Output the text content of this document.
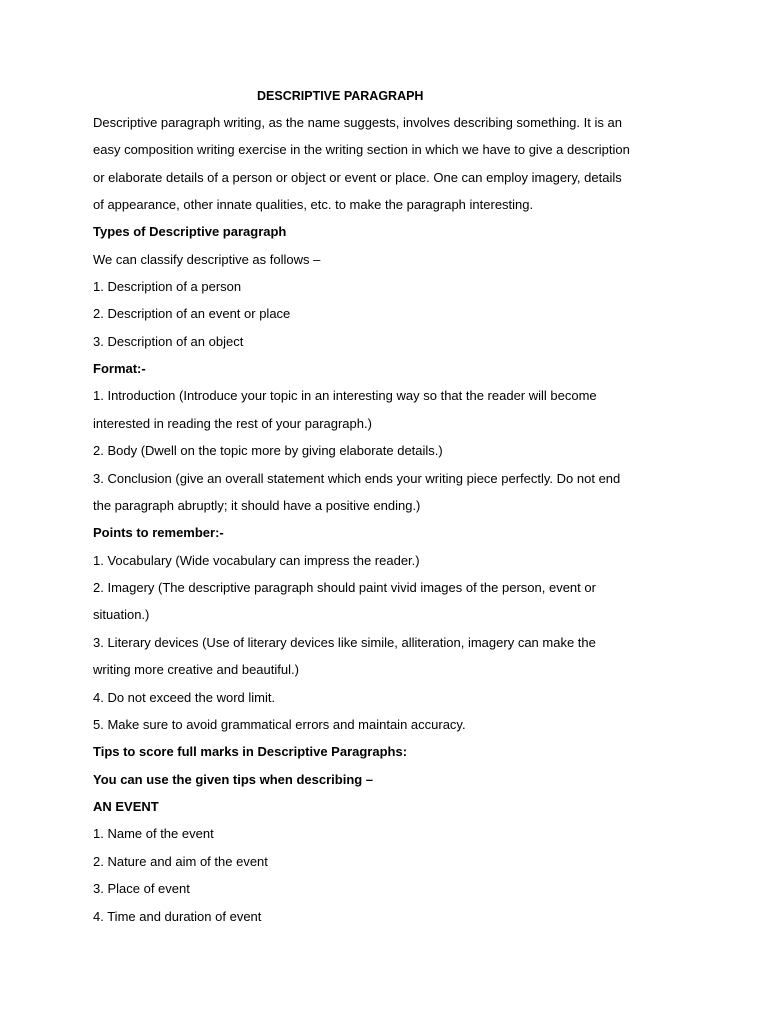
DESCRIPTIVE PARAGRAPH
Descriptive paragraph writing, as the name suggests, involves describing something. It is an
easy composition writing exercise in the writing section in which we have to give a description
or elaborate details of a person or object or event or place. One can employ imagery, details
of appearance, other innate qualities, etc. to make the paragraph interesting.
Types of Descriptive paragraph
We can classify descriptive as follows –
1. Description of a person
2. Description of an event or place
3. Description of an object
Format:-
1. Introduction (Introduce your topic in an interesting way so that the reader will become
interested in reading the rest of your paragraph.)
2. Body (Dwell on the topic more by giving elaborate details.)
3. Conclusion (give an overall statement which ends your writing piece perfectly. Do not end
the paragraph abruptly; it should have a positive ending.)
Points to remember:-
1. Vocabulary (Wide vocabulary can impress the reader.)
2. Imagery (The descriptive paragraph should paint vivid images of the person, event or
situation.)
3. Literary devices (Use of literary devices like simile, alliteration, imagery can make the
writing more creative and beautiful.)
4. Do not exceed the word limit.
5. Make sure to avoid grammatical errors and maintain accuracy.
Tips to score full marks in Descriptive Paragraphs:
You can use the given tips when describing –
AN EVENT
1. Name of the event
2. Nature and aim of the event
3. Place of event
4. Time and duration of event
